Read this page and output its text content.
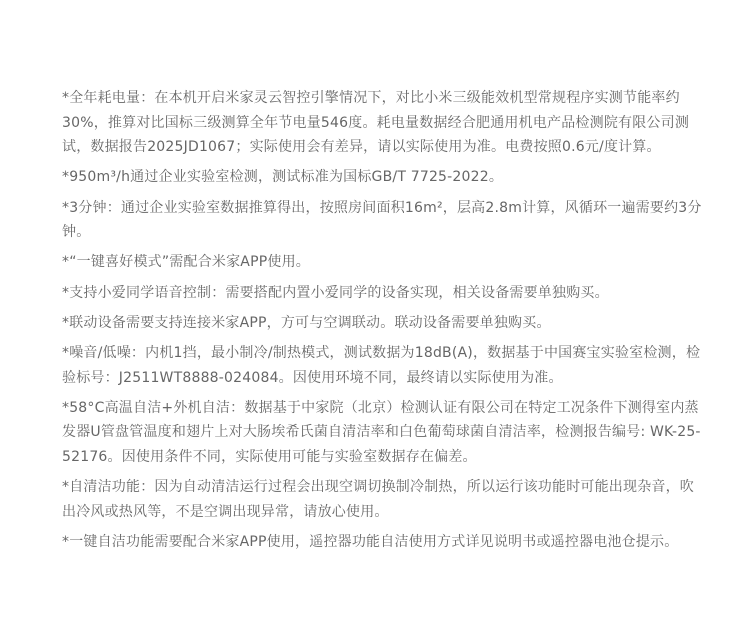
*全年耗电量：在本机开启米家灵云智控引擎情况下，对比小米三级能效机型常规程序实测节能率约30%，推算对比国标三级测算全年节电量546度。耗电量数据经合肥通用机电产品检测院有限公司测试，数据报告2025JD1067；实际使用会有差异，请以实际使用为准。电费按照0.6元/度计算。
*950m³/h通过企业实验室检测，测试标准为国标GB/T 7725-2022。
*3分钟：通过企业实验室数据推算得出，按照房间面积16m²，层高2.8m计算，风循环一遍需要约3分钟。
*“一键喜好模式”需配合米家APP使用。
*支持小爱同学语音控制：需要搭配内置小爱同学的设备实现，相关设备需要单独购买。
*联动设备需要支持连接米家APP，方可与空调联动。联动设备需要单独购买。
*噪音/低噪：内机1挡，最小制冷/制热模式，测试数据为18dB(A)，数据基于中国赛宝实验室检测，检验标号：J2511WT8888-024084。因使用环境不同，最终请以实际使用为准。
*58°C高温自洁+外机自洁：数据基于中家院（北京）检测认证有限公司在特定工况条件下测得室内蒸发器U管盘管温度和翅片上对大肠埃希氏菌自清洁率和白色葡萄球菌自清洁率，检测报告编号: WK-25-52176。因使用条件不同，实际使用可能与实验室数据存在偏差。
*自清洁功能：因为自动清洁运行过程会出现空调切换制冷制热，所以运行该功能时可能出现杂音，吹出冷风或热风等，不是空调出现异常，请放心使用。
*一键自洁功能需要配合米家APP使用，遥控器功能自洁使用方式详见说明书或遥控器电池仓提示。
